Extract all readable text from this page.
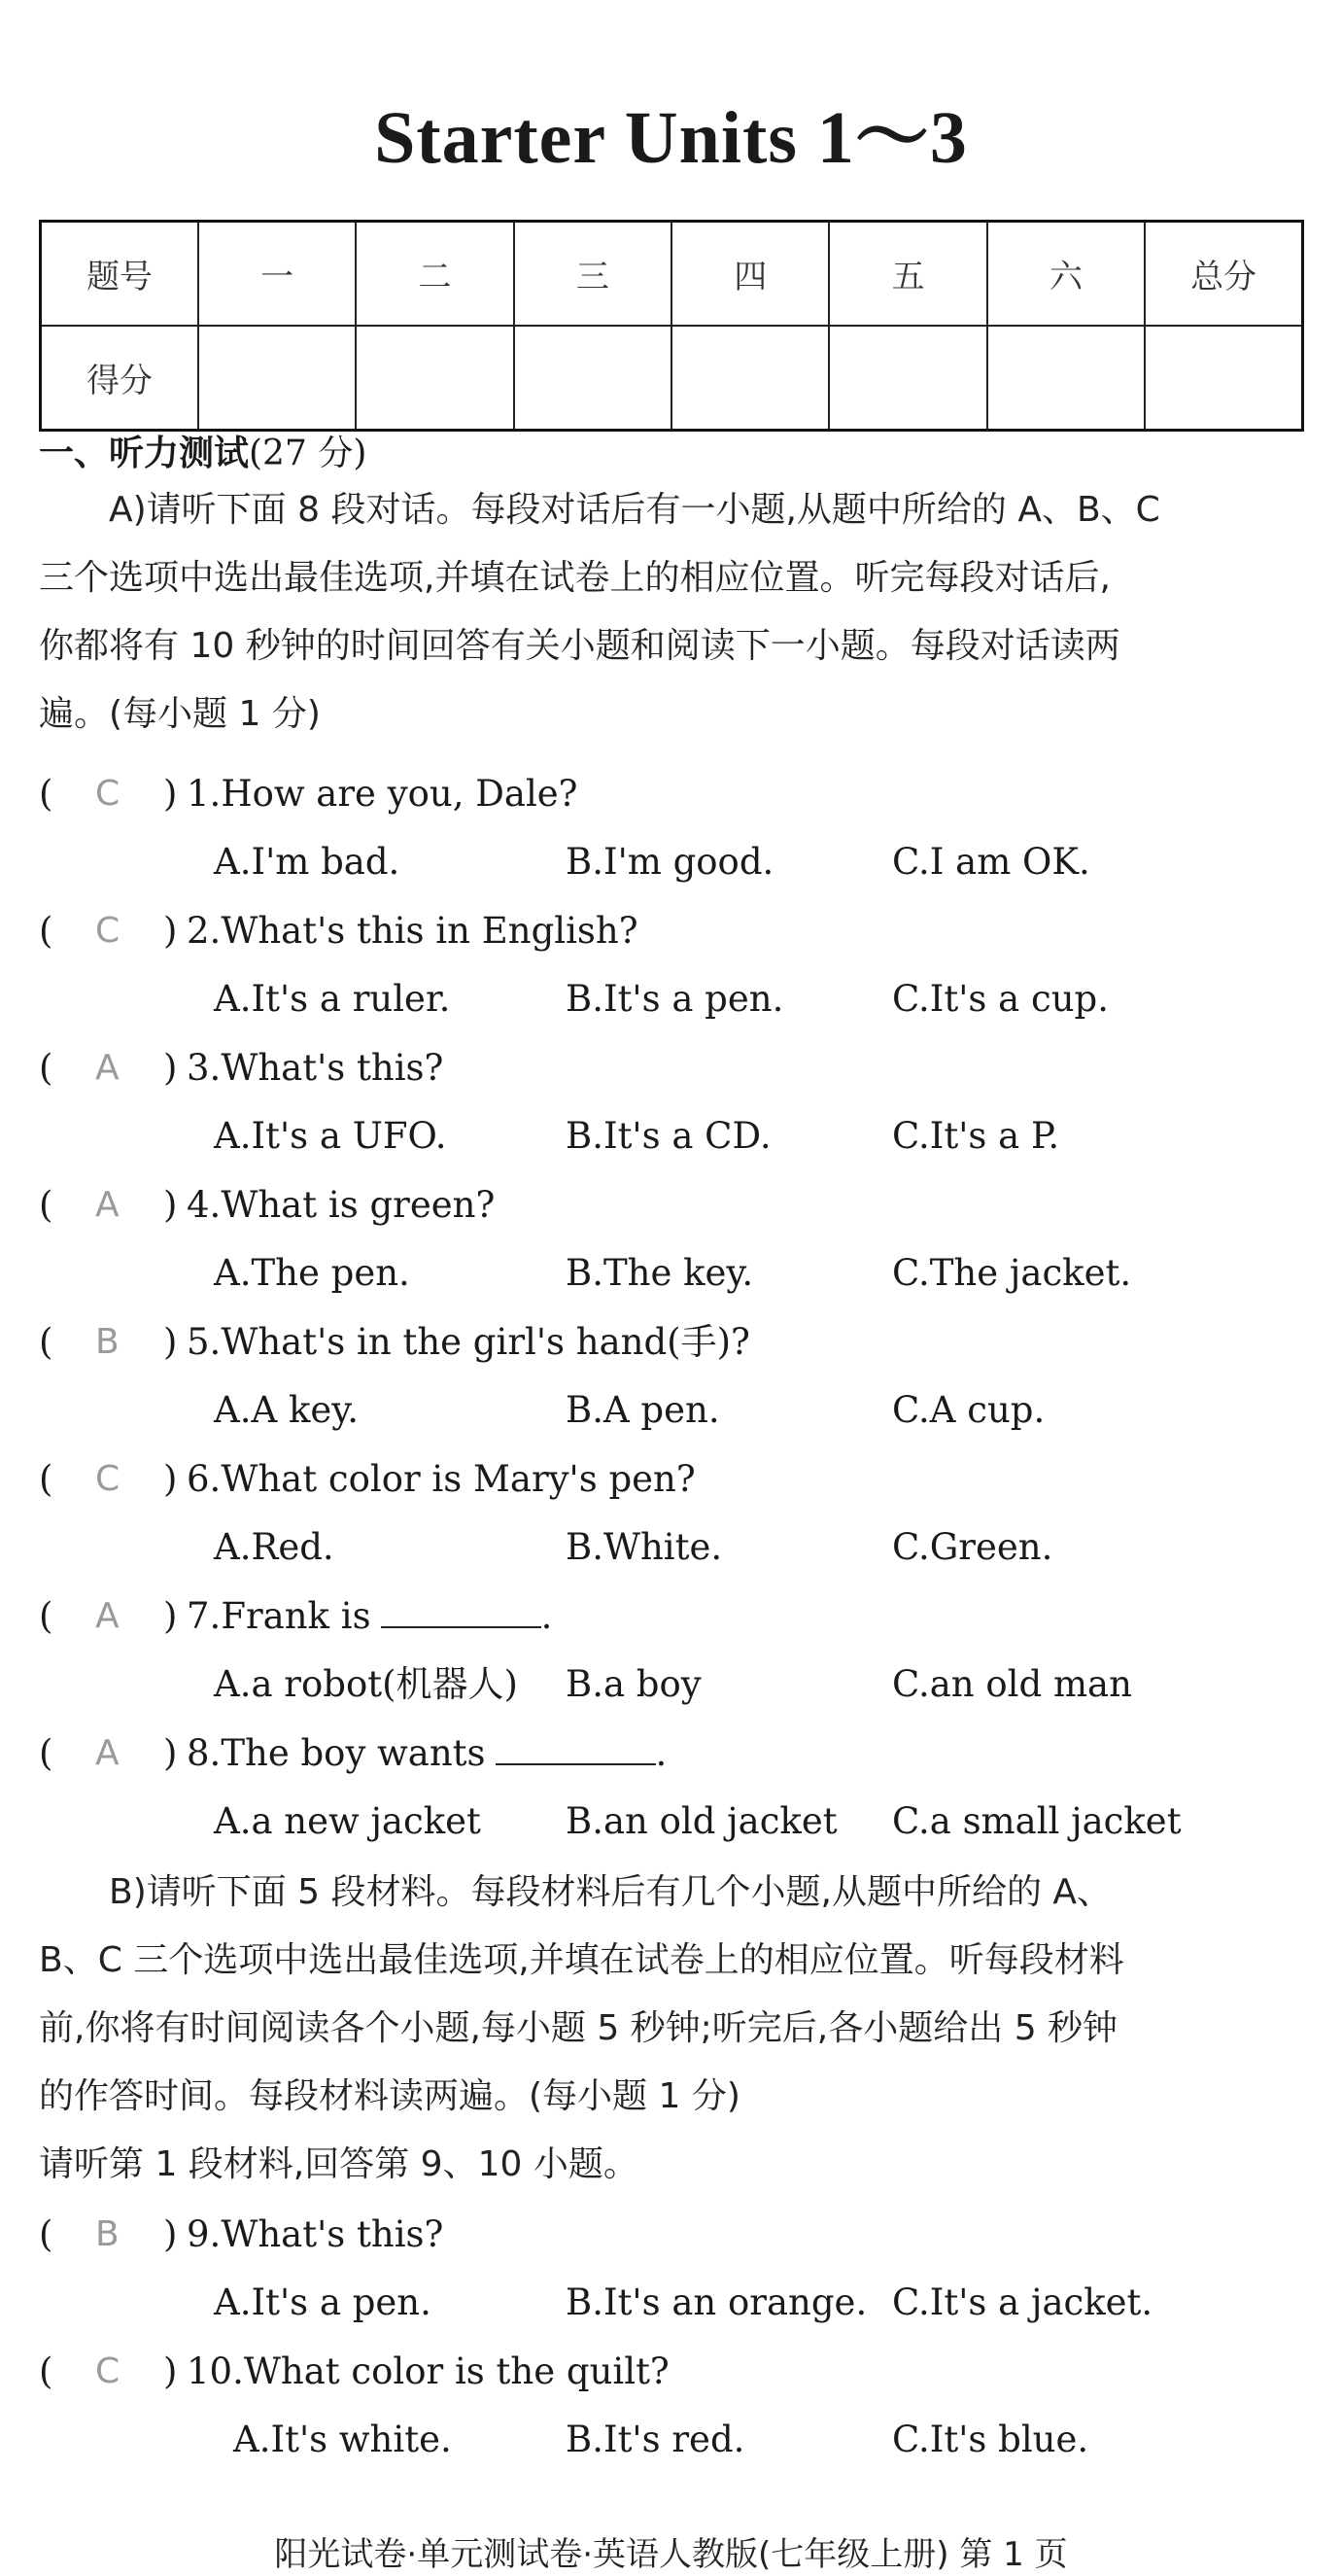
Starter Units 1～3
题号	一	二	三	四	五	六	总分
得分							
一、听力测试(27 分)

A)请听下面 8 段对话。每段对话后有一小题,从题中所给的 A、B、C

三个选项中选出最佳选项,并填在试卷上的相应位置。听完每段对话后,

你都将有 10 秒钟的时间回答有关小题和阅读下一小题。每段对话读两

遍。(每小题 1 分)

( C ) 1.How are you, Dale?
A.I'm bad.	B.I'm good.	C.I am OK.
( C ) 2.What's this in English?
A.It's a ruler.	B.It's a pen.	C.It's a cup.
( A ) 3.What's this?
A.It's a UFO.	B.It's a CD.	C.It's a P.
( A ) 4.What is green?
A.The pen.	B.The key.	C.The jacket.
( B ) 5.What's in the girl's hand(手)?
A.A key.	B.A pen.	C.A cup.
( C ) 6.What color is Mary's pen?
A.Red.	B.White.	C.Green.
( A ) 7.Frank is	.
A.a robot(机器人) B.a boy	C.an old man
( A ) 8.The boy wants	.
A.a new jacket B.an old jacket C.a small jacket

B)请听下面 5 段材料。每段材料后有几个小题,从题中所给的 A、

B、C 三个选项中选出最佳选项,并填在试卷上的相应位置。听每段材料

前,你将有时间阅读各个小题,每小题 5 秒钟;听完后,各小题给出 5 秒钟

的作答时间。每段材料读两遍。(每小题 1 分)

请听第 1 段材料,回答第 9、10 小题。

( B ) 9.What's this?
A.It's a pen.	B.It's an orange. C.It's a jacket.
( C ) 10.What color is the quilt?
A.It's white.	B.It's red.	C.It's blue.
阳光试卷·单元测试卷·英语人教版(七年级上册) 第 1 页
